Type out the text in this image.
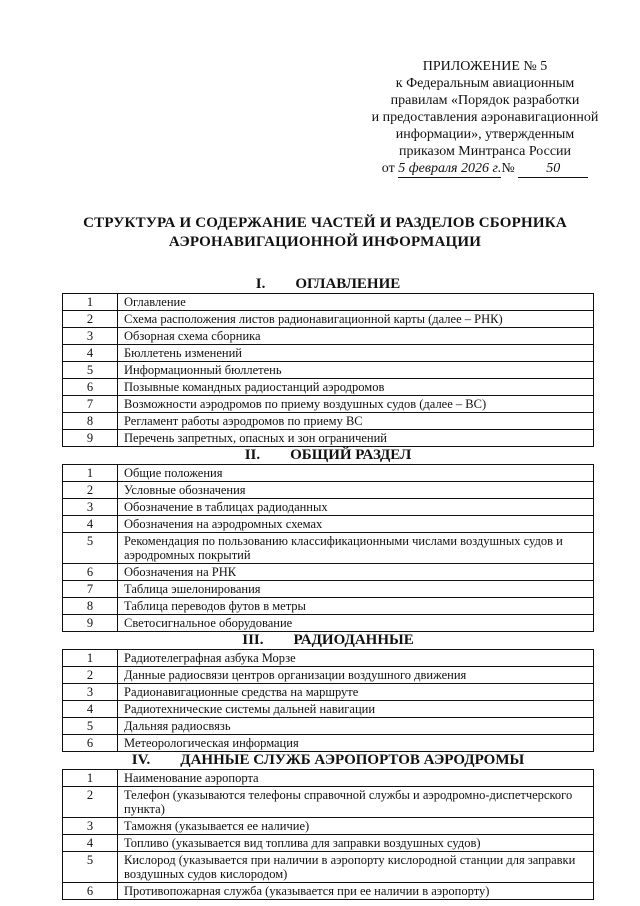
ПРИЛОЖЕНИЕ № 5
к Федеральным авиационным
правилам «Порядок разработки
и предоставления аэронавигационной
информации», утвержденным
приказом Минтранса России
от 5 февраля 2026 г.№ 50
СТРУКТУРА И СОДЕРЖАНИЕ ЧАСТЕЙ И РАЗДЕЛОВ СБОРНИКА
АЭРОНАВИГАЦИОННОЙ ИНФОРМАЦИИ
I. ОГЛАВЛЕНИЕ
1	Оглавление
2	Схема расположения листов радионавигационной карты (далее – РНК)
3	Обзорная схема сборника
4	Бюллетень изменений
5	Информационный бюллетень
6	Позывные командных радиостанций аэродромов
7	Возможности аэродромов по приему воздушных судов (далее – ВС)
8	Регламент работы аэродромов по приему ВС
9	Перечень запретных, опасных и зон ограничений
II. ОБЩИЙ РАЗДЕЛ
1	Общие положения
2	Условные обозначения
3	Обозначение в таблицах радиоданных
4	Обозначения на аэродромных схемах
5	Рекомендация по пользованию классификационными числами воздушных судов и аэродромных покрытий
6	Обозначения на РНК
7	Таблица эшелонирования
8	Таблица переводов футов в метры
9	Светосигнальное оборудование
III. РАДИОДАННЫЕ
1	Радиотелеграфная азбука Морзе
2	Данные радиосвязи центров организации воздушного движения
3	Радионавигационные средства на маршруте
4	Радиотехнические системы дальней навигации
5	Дальняя радиосвязь
6	Метеорологическая информация
IV. ДАННЫЕ СЛУЖБ АЭРОПОРТОВ АЭРОДРОМЫ
1	Наименование аэропорта
2	Телефон (указываются телефоны справочной службы и аэродромно-диспетчерского пункта)
3	Таможня (указывается ее наличие)
4	Топливо (указывается вид топлива для заправки воздушных судов)
5	Кислород (указывается при наличии в аэропорту кислородной станции для заправки воздушных судов кислородом)
6	Противопожарная служба (указывается при ее наличии в аэропорту)
